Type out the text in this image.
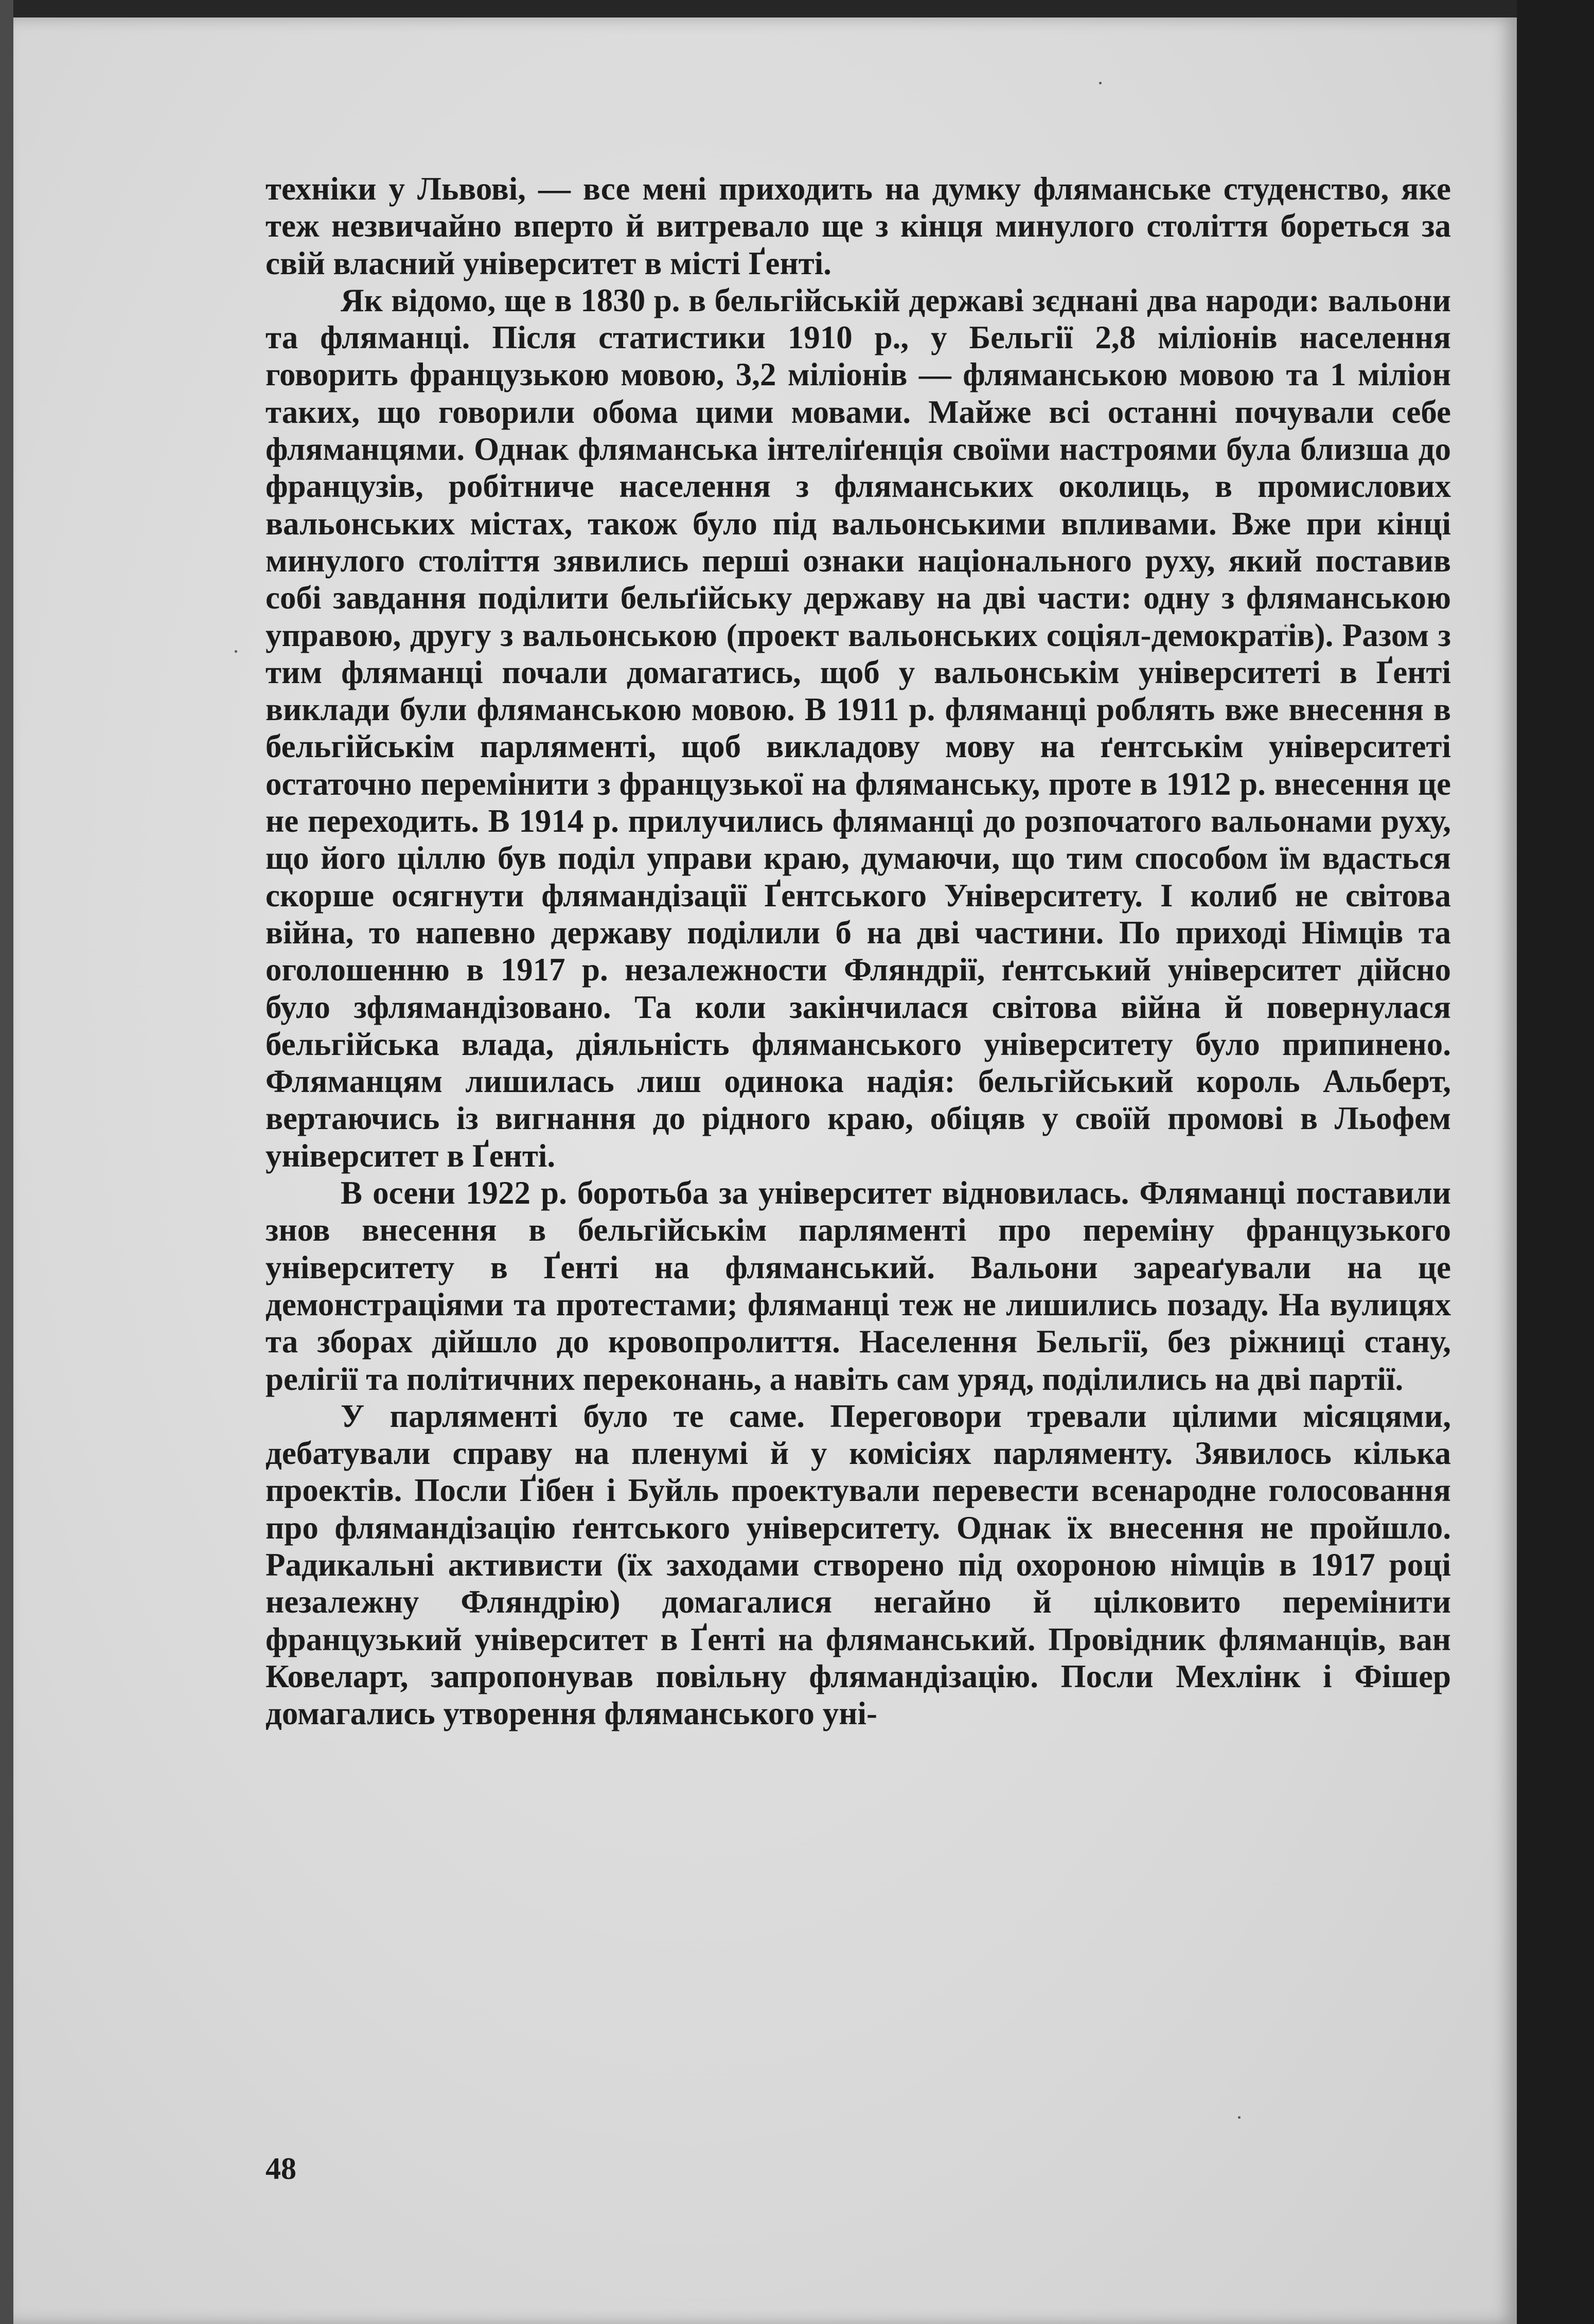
техніки у Львові, — все мені приходить на думку фляманське студенство, яке теж незвичайно вперто й витревало ще з кінця минулого століття бореться за свій власний університет в місті Ґенті.

Як відомо, ще в 1830 р. в бельгійській державі зєднані два народи: вальони та фляманці. Після статистики 1910 р., у Бельгії 2,8 міліонів населення говорить французькою мовою, 3,2 міліонів — фляманською мовою та 1 міліон таких, що говорили обома цими мовами. Майже всі останні почували себе фляманцями. Однак фляманська інтеліґенція своїми настроями була близша до французів, робітниче населення з фляманських околиць, в промислових вальонських містах, також було під вальонськими впливами. Вже при кінці минулого століття зявились перші ознаки національного руху, який поставив собі завдання поділити бельґійську державу на дві части: одну з фляманською управою, другу з вальонською (проект вальонських соціял-демократів). Разом з тим фляманці почали домагатись, щоб у вальонськім університеті в Ґенті виклади були фляманською мовою. В 1911 р. фляманці роблять вже внесення в бельгійськім парляменті, щоб викладову мову на ґентськім університеті остаточно перемінити з французької на фляманську, проте в 1912 р. внесення це не переходить. В 1914 р. прилучились фляманці до розпочатого вальонами руху, що його ціллю був поділ управи краю, думаючи, що тим способом їм вдасться скорше осягнути флямандізації Ґентського Університету. І колиб не світова війна, то напевно державу поділили б на дві частини. По приході Німців та оголошенню в 1917 р. незалежности Фляндрії, ґентський університет дійсно було зфлямандізовано. Та коли закінчилася світова війна й повернулася бельгійська влада, діяльність фляманського університету було припинено. Фляманцям лишилась лиш одинока надія: бельгійський король Альберт, вертаючись із вигнання до рідного краю, обіцяв у своїй промові в Льофем університет в Ґенті.

В осени 1922 р. боротьба за університет відновилась. Фляманці поставили знов внесення в бельгійськім парляменті про переміну французького університету в Ґенті на фляманський. Вальони зареаґували на це демонстраціями та протестами; фляманці теж не лишились позаду. На вулицях та зборах дійшло до кровопролиття. Населення Бельгії, без ріжниці стану, релігії та політичних переконань, а навіть сам уряд, поділились на дві партії.

У парляменті було те саме. Переговори тревали цілими місяцями, дебатували справу на пленумі й у комісіях парляменту. Зявилось кілька проектів. Посли Ґібен і Буйль проектували перевести всенародне голосовання про флямандізацію ґентського університету. Однак їх внесення не пройшло. Радикальні активисти (їх заходами створено під охороною німців в 1917 році незалежну Фляндрію) домагалися негайно й цілковито перемінити французький університет в Ґенті на фляманський. Провідник фляманців, ван Ковеларт, запропонував повільну флямандізацію. Посли Мехлінк і Фішер домагались утворення фляманського уні-

48
